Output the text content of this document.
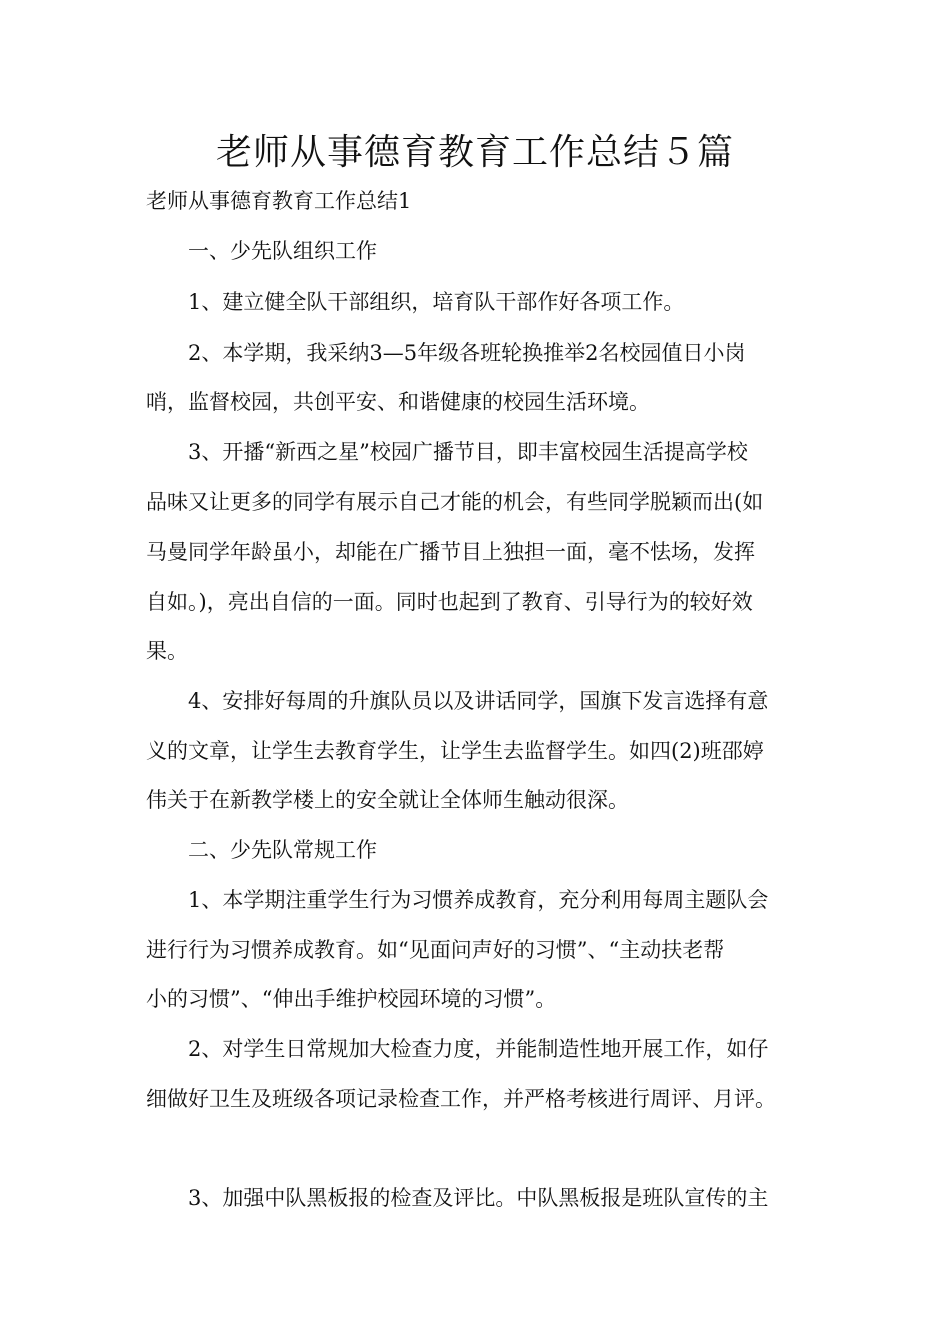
老师从事德育教育工作总结５篇

老师从事德育教育工作总结1

一、少先队组织工作

1、建立健全队干部组织，培育队干部作好各项工作。

2、本学期，我采纳3—5年级各班轮换推举2名校园值日小岗

哨，监督校园，共创平安、和谐健康的校园生活环境。

3、开播“新西之星”校园广播节目，即丰富校园生活提高学校

品味又让更多的同学有展示自己才能的机会，有些同学脱颖而出(如

马曼同学年龄虽小，却能在广播节目上独担一面，毫不怯场，发挥

自如。)，亮出自信的一面。同时也起到了教育、引导行为的较好效

果。

4、安排好每周的升旗队员以及讲话同学，国旗下发言选择有意

义的文章，让学生去教育学生，让学生去监督学生。如四(2)班邵婷

伟关于在新教学楼上的安全就让全体师生触动很深。

二、少先队常规工作

1、本学期注重学生行为习惯养成教育，充分利用每周主题队会

进行行为习惯养成教育。如“见面问声好的习惯”、“主动扶老帮

小的习惯”、“伸出手维护校园环境的习惯”。

2、对学生日常规加大检查力度，并能制造性地开展工作，如仔

细做好卫生及班级各项记录检查工作，并严格考核进行周评、月评。

3、加强中队黑板报的检查及评比。中队黑板报是班队宣传的主
